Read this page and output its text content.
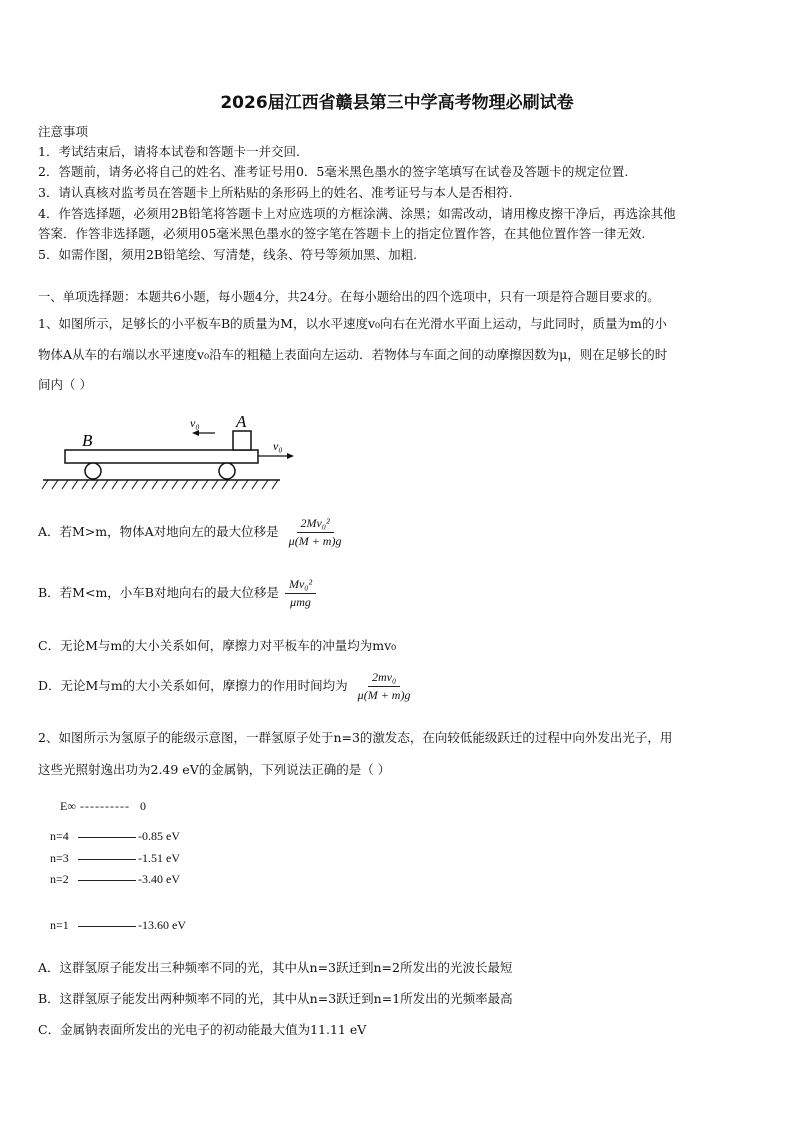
2026届江西省赣县第三中学高考物理必刷试卷
注意事项
1．考试结束后，请将本试卷和答题卡一并交回.
2．答题前，请务必将自己的姓名、准考证号用0．5毫米黑色墨水的签字笔填写在试卷及答题卡的规定位置.
3．请认真核对监考员在答题卡上所粘贴的条形码上的姓名、准考证号与本人是否相符.
4．作答选择题，必须用2B铅笔将答题卡上对应选项的方框涂满、涂黑；如需改动，请用橡皮擦干净后，再选涂其他
答案．作答非选择题，必须用05毫米黑色墨水的签字笔在答题卡上的指定位置作答，在其他位置作答一律无效.
5．如需作图，须用2B铅笔绘、写清楚，线条、符号等须加黑、加粗.
一、单项选择题：本题共6小题，每小题4分，共24分。在每小题给出的四个选项中，只有一项是符合题目要求的。
1、如图所示，足够长的小平板车B的质量为M，以水平速度v₀向右在光滑水平面上运动，与此同时，质量为m的小
物体A从车的右端以水平速度v₀沿车的粗糙上表面向左运动．若物体与车面之间的动摩擦因数为μ，则在足够长的时
间内（ ）
B
A
v₀
v₀
A．若M>m，物体A对地向左的最大位移是 $\frac{\text{2Mv₀²}}{\mu(M + m)g}$
B．若M<m，小车B对地向右的最大位移是 $\frac{\text{Mv₀²}}{\text{μmg}}$
C．无论M与m的大小关系如何，摩擦力对平板车的冲量均为mv₀
D．无论M与m的大小关系如何，摩擦力的作用时间均为 $\frac{\text{2mv₀}}{\mu(M + m)g}$
2、如图所示为氢原子的能级示意图，一群氢原子处于n=3的激发态，在向较低能级跃迁的过程中向外发出光子，用
这些光照射逸出功为2.49 eV的金属钠，下列说法正确的是（ ）
E∞ ---------- 0
n=4	-0.85 eV
n=3	-1.51 eV
n=2	-3.40 eV
n=1	-13.60 eV
A．这群氢原子能发出三种频率不同的光，其中从n=3跃迁到n=2所发出的光波长最短
B．这群氢原子能发出两种频率不同的光，其中从n=3跃迁到n=1所发出的光频率最高
C．金属钠表面所发出的光电子的初动能最大值为11.11 eV
